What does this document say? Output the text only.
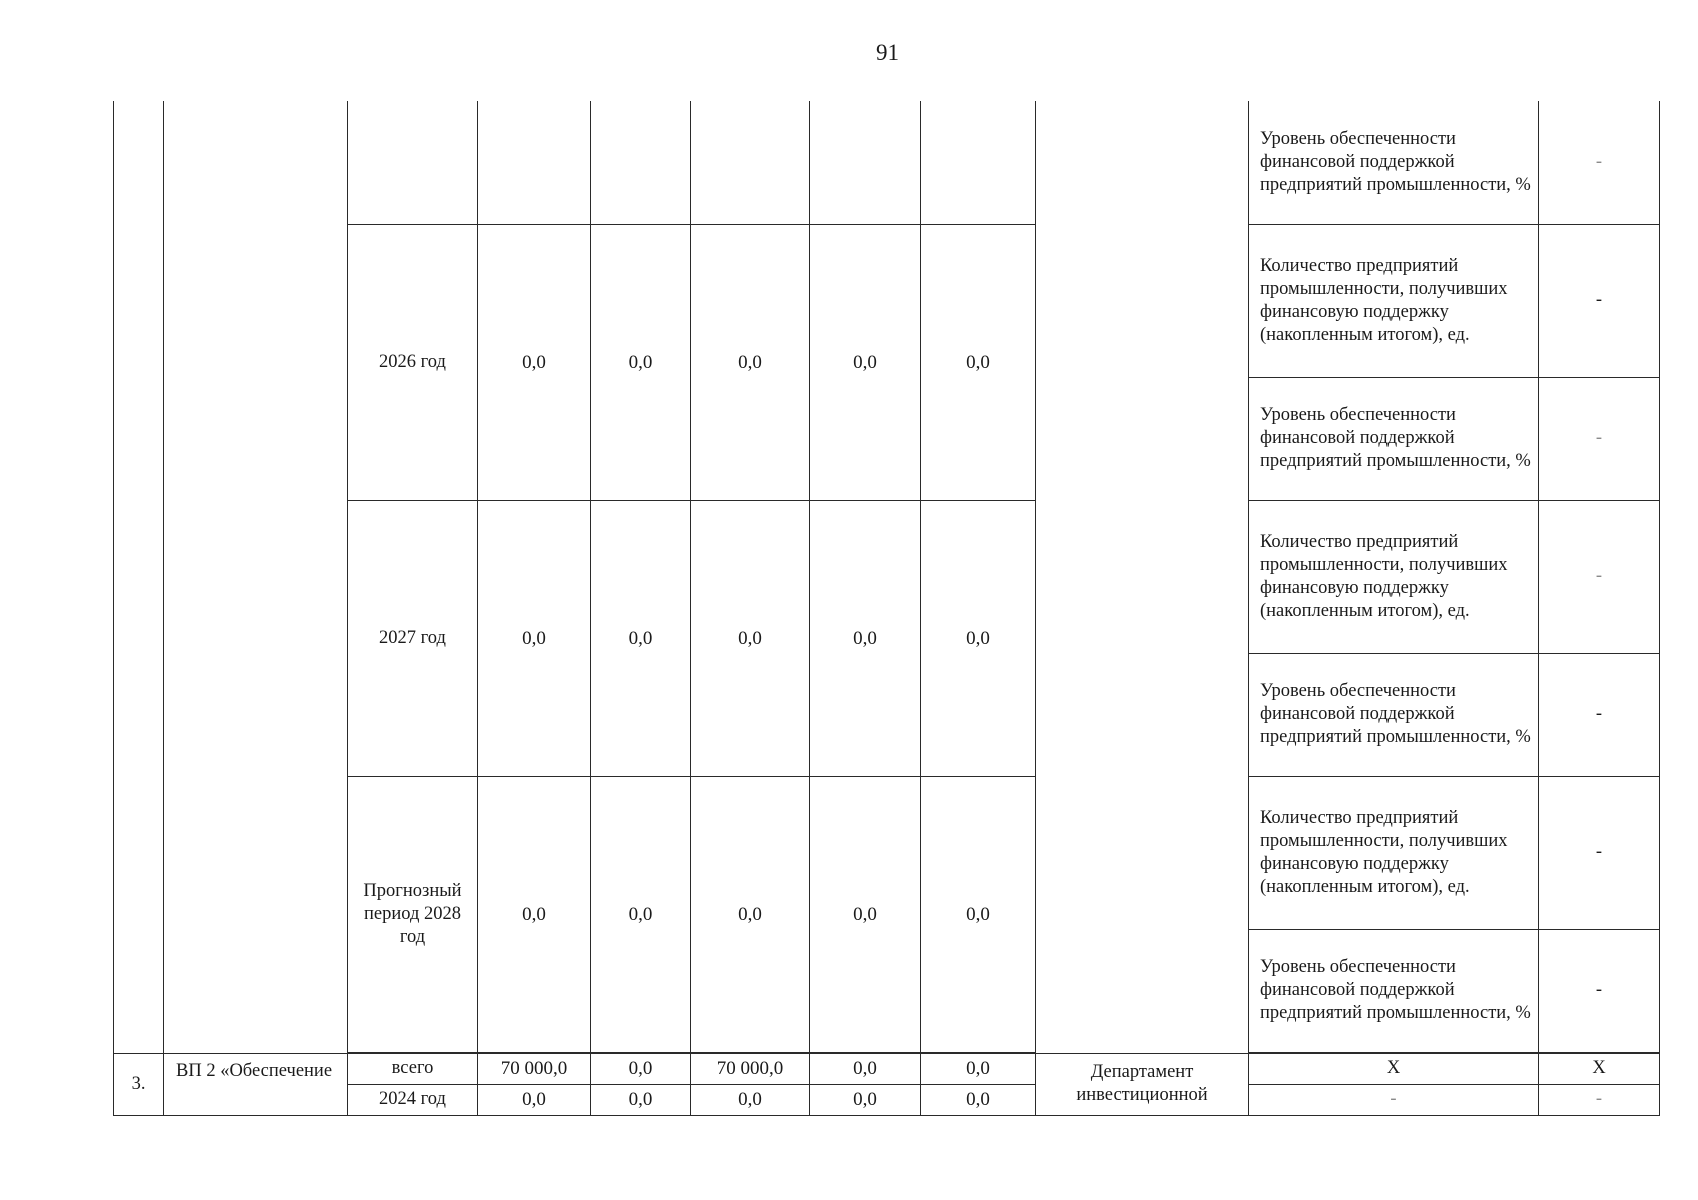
91
									Уровень обеспеченности финансовой поддержкой предприятий промышленности, %	-
		2026 год	0,0	0,0	0,0	0,0	0,0		Количество предприятий промышленности, получивших финансовую поддержку (накопленным итогом), ед.	-
									Уровень обеспеченности финансовой поддержкой предприятий промышленности, %	-
		2027 год	0,0	0,0	0,0	0,0	0,0		Количество предприятий промышленности, получивших финансовую поддержку (накопленным итогом), ед.	-
									Уровень обеспеченности финансовой поддержкой предприятий промышленности, %	-
		Прогнозный период 2028 год	0,0	0,0	0,0	0,0	0,0		Количество предприятий промышленности, получивших финансовую поддержку (накопленным итогом), ед.	-
									Уровень обеспеченности финансовой поддержкой предприятий промышленности, %	-

3.	ВП 2 «Обеспечение	всего	70 000,0	0,0	70 000,0	0,0	0,0	Департамент инвестиционной	Х	Х
		2024 год	0,0	0,0	0,0	0,0	0,0		-	-
